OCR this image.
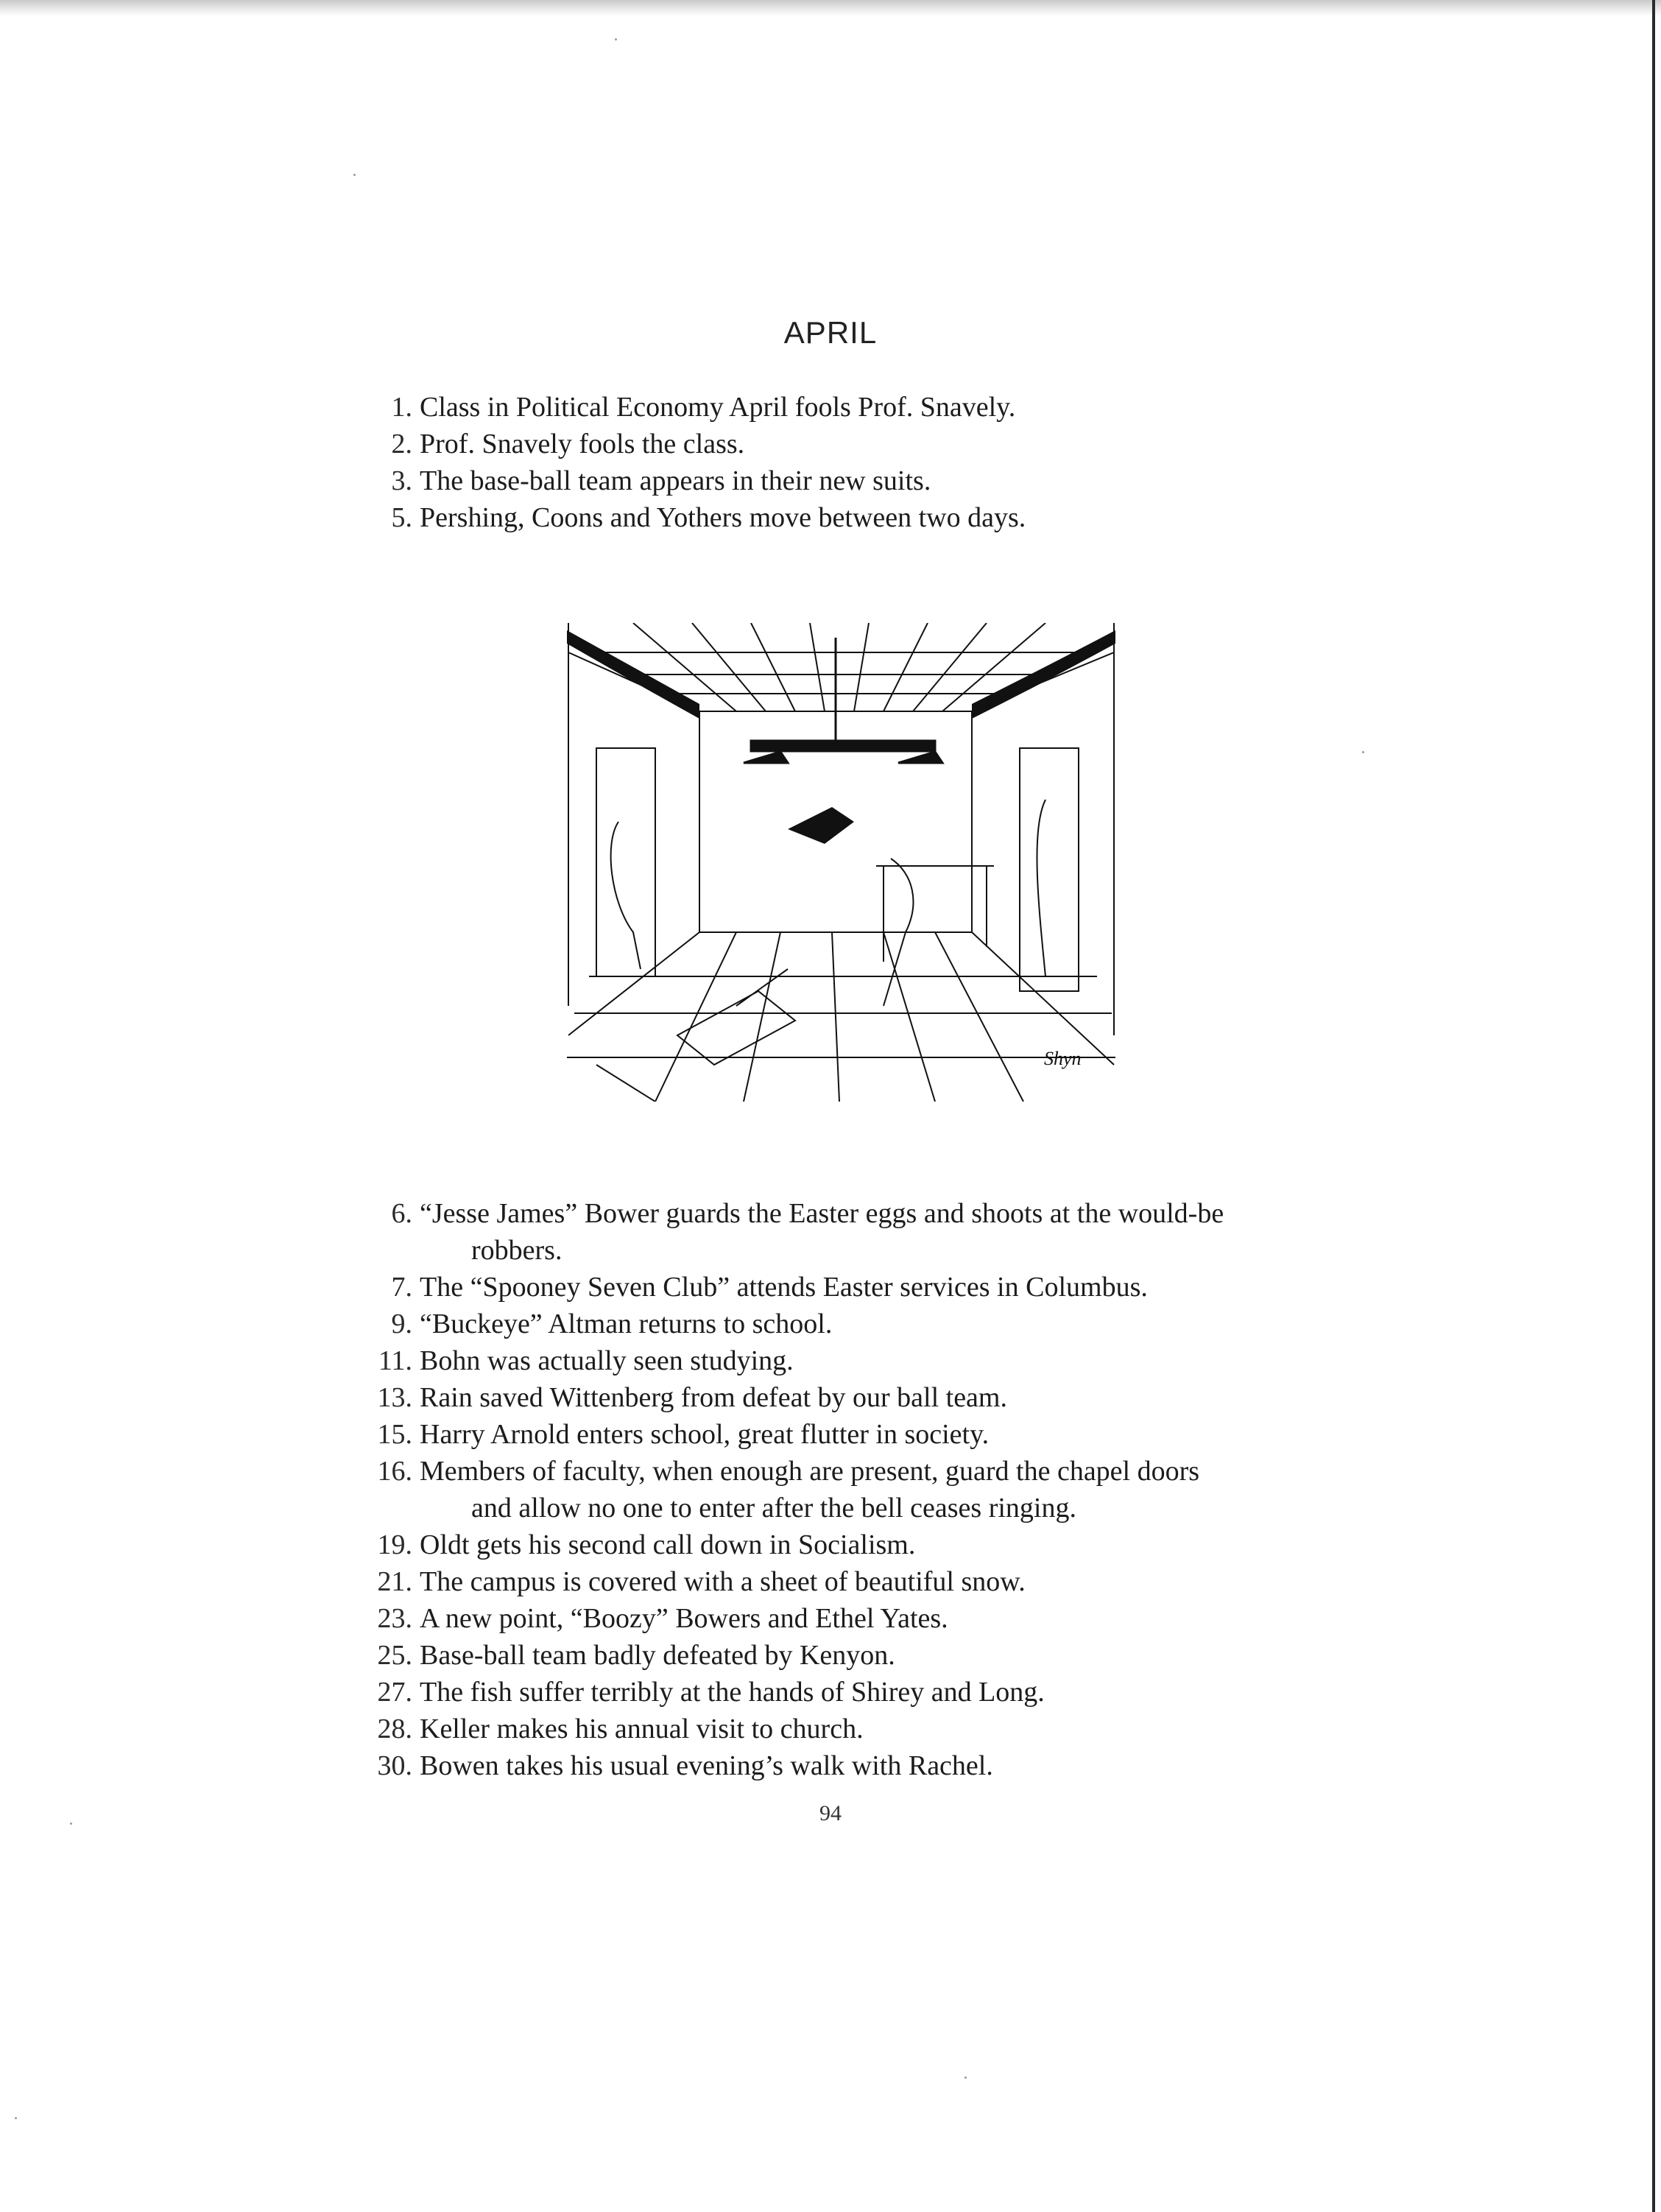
APRIL
1. Class in Political Economy April fools Prof. Snavely.
2. Prof. Snavely fools the class.
3. The base-ball team appears in their new suits.
5. Pershing, Coons and Yothers move between two days.
Shyn
6. “Jesse James” Bower guards the Easter eggs and shoots at the would-be
robbers.
7. The “Spooney Seven Club” attends Easter services in Columbus.
9. “Buckeye” Altman returns to school.
11. Bohn was actually seen studying.
13. Rain saved Wittenberg from defeat by our ball team.
15. Harry Arnold enters school, great flutter in society.
16. Members of faculty, when enough are present, guard the chapel doors
and allow no one to enter after the bell ceases ringing.
19. Oldt gets his second call down in Socialism.
21. The campus is covered with a sheet of beautiful snow.
23. A new point, “Boozy” Bowers and Ethel Yates.
25. Base-ball team badly defeated by Kenyon.
27. The fish suffer terribly at the hands of Shirey and Long.
28. Keller makes his annual visit to church.
30. Bowen takes his usual evening’s walk with Rachel.
94
